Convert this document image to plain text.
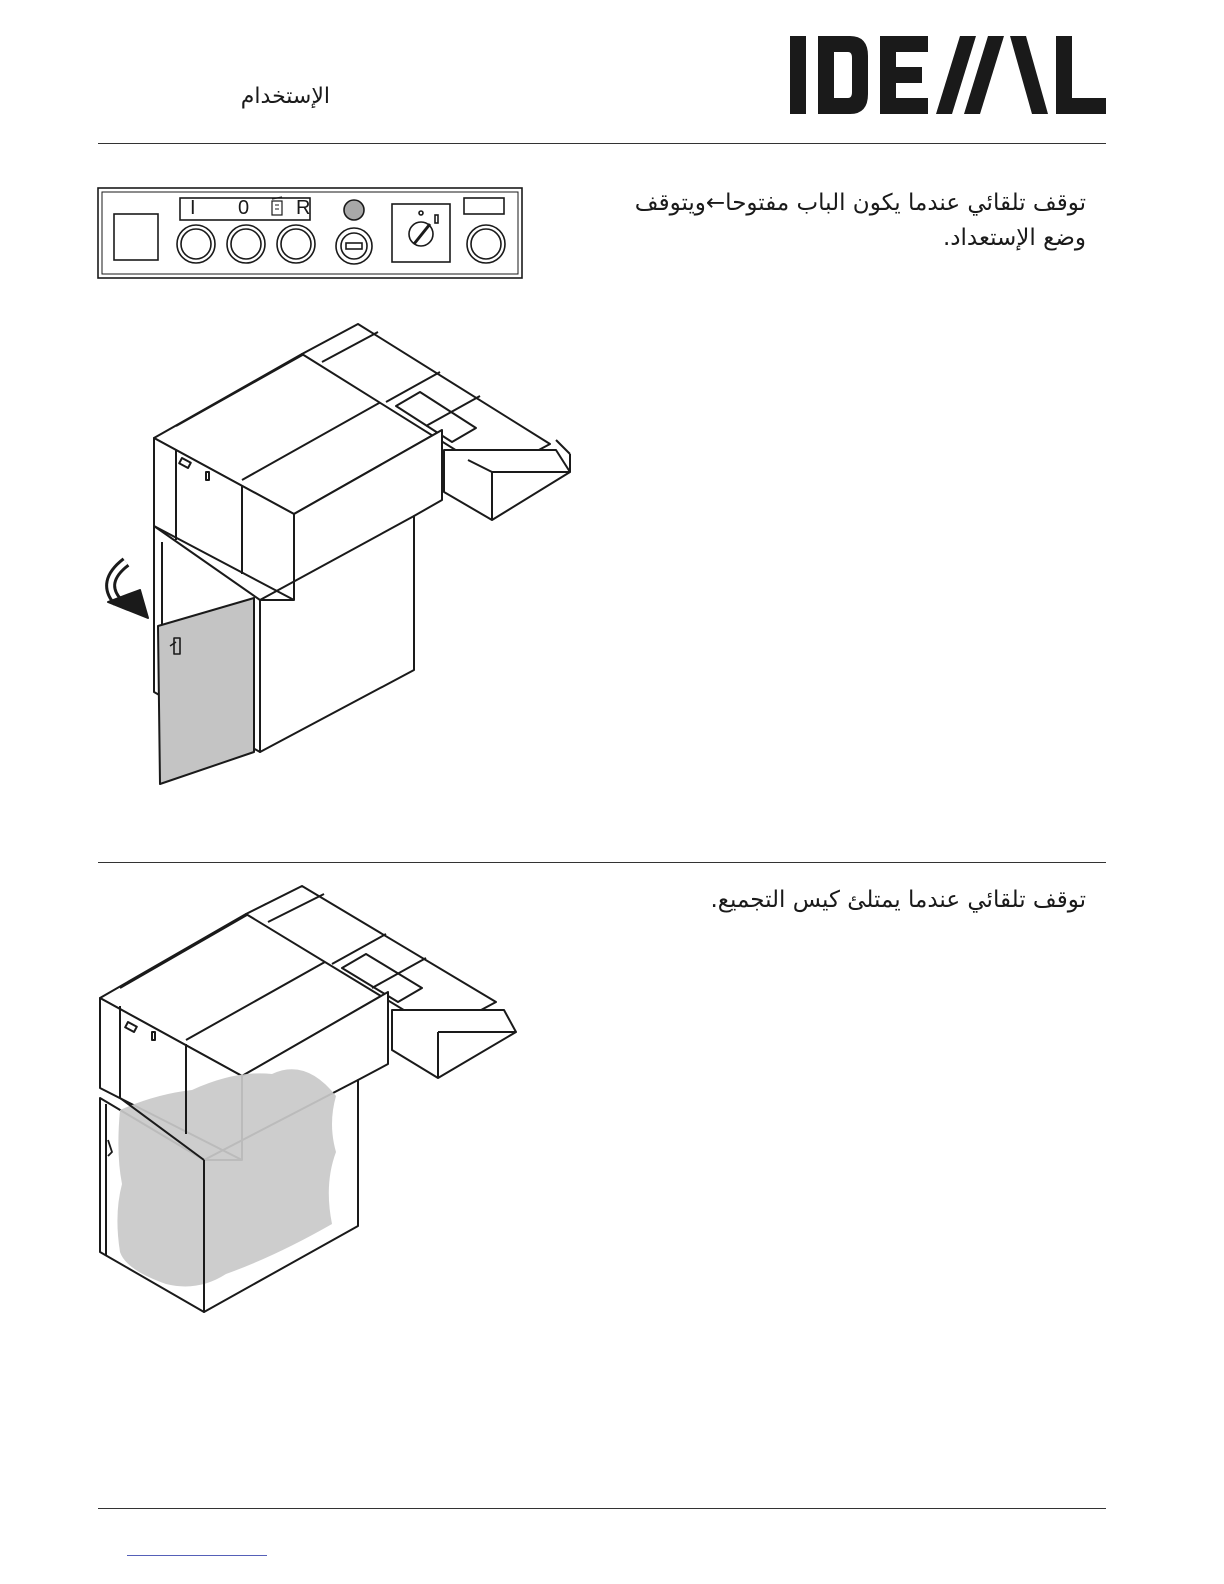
الإستخدام
I 0 R	توقف تلقائي عندما يكون الباب مفتوحا←ويتوقف
وضع الإستعداد.
توقف تلقائي عندما يمتلئ كيس التجميع.
